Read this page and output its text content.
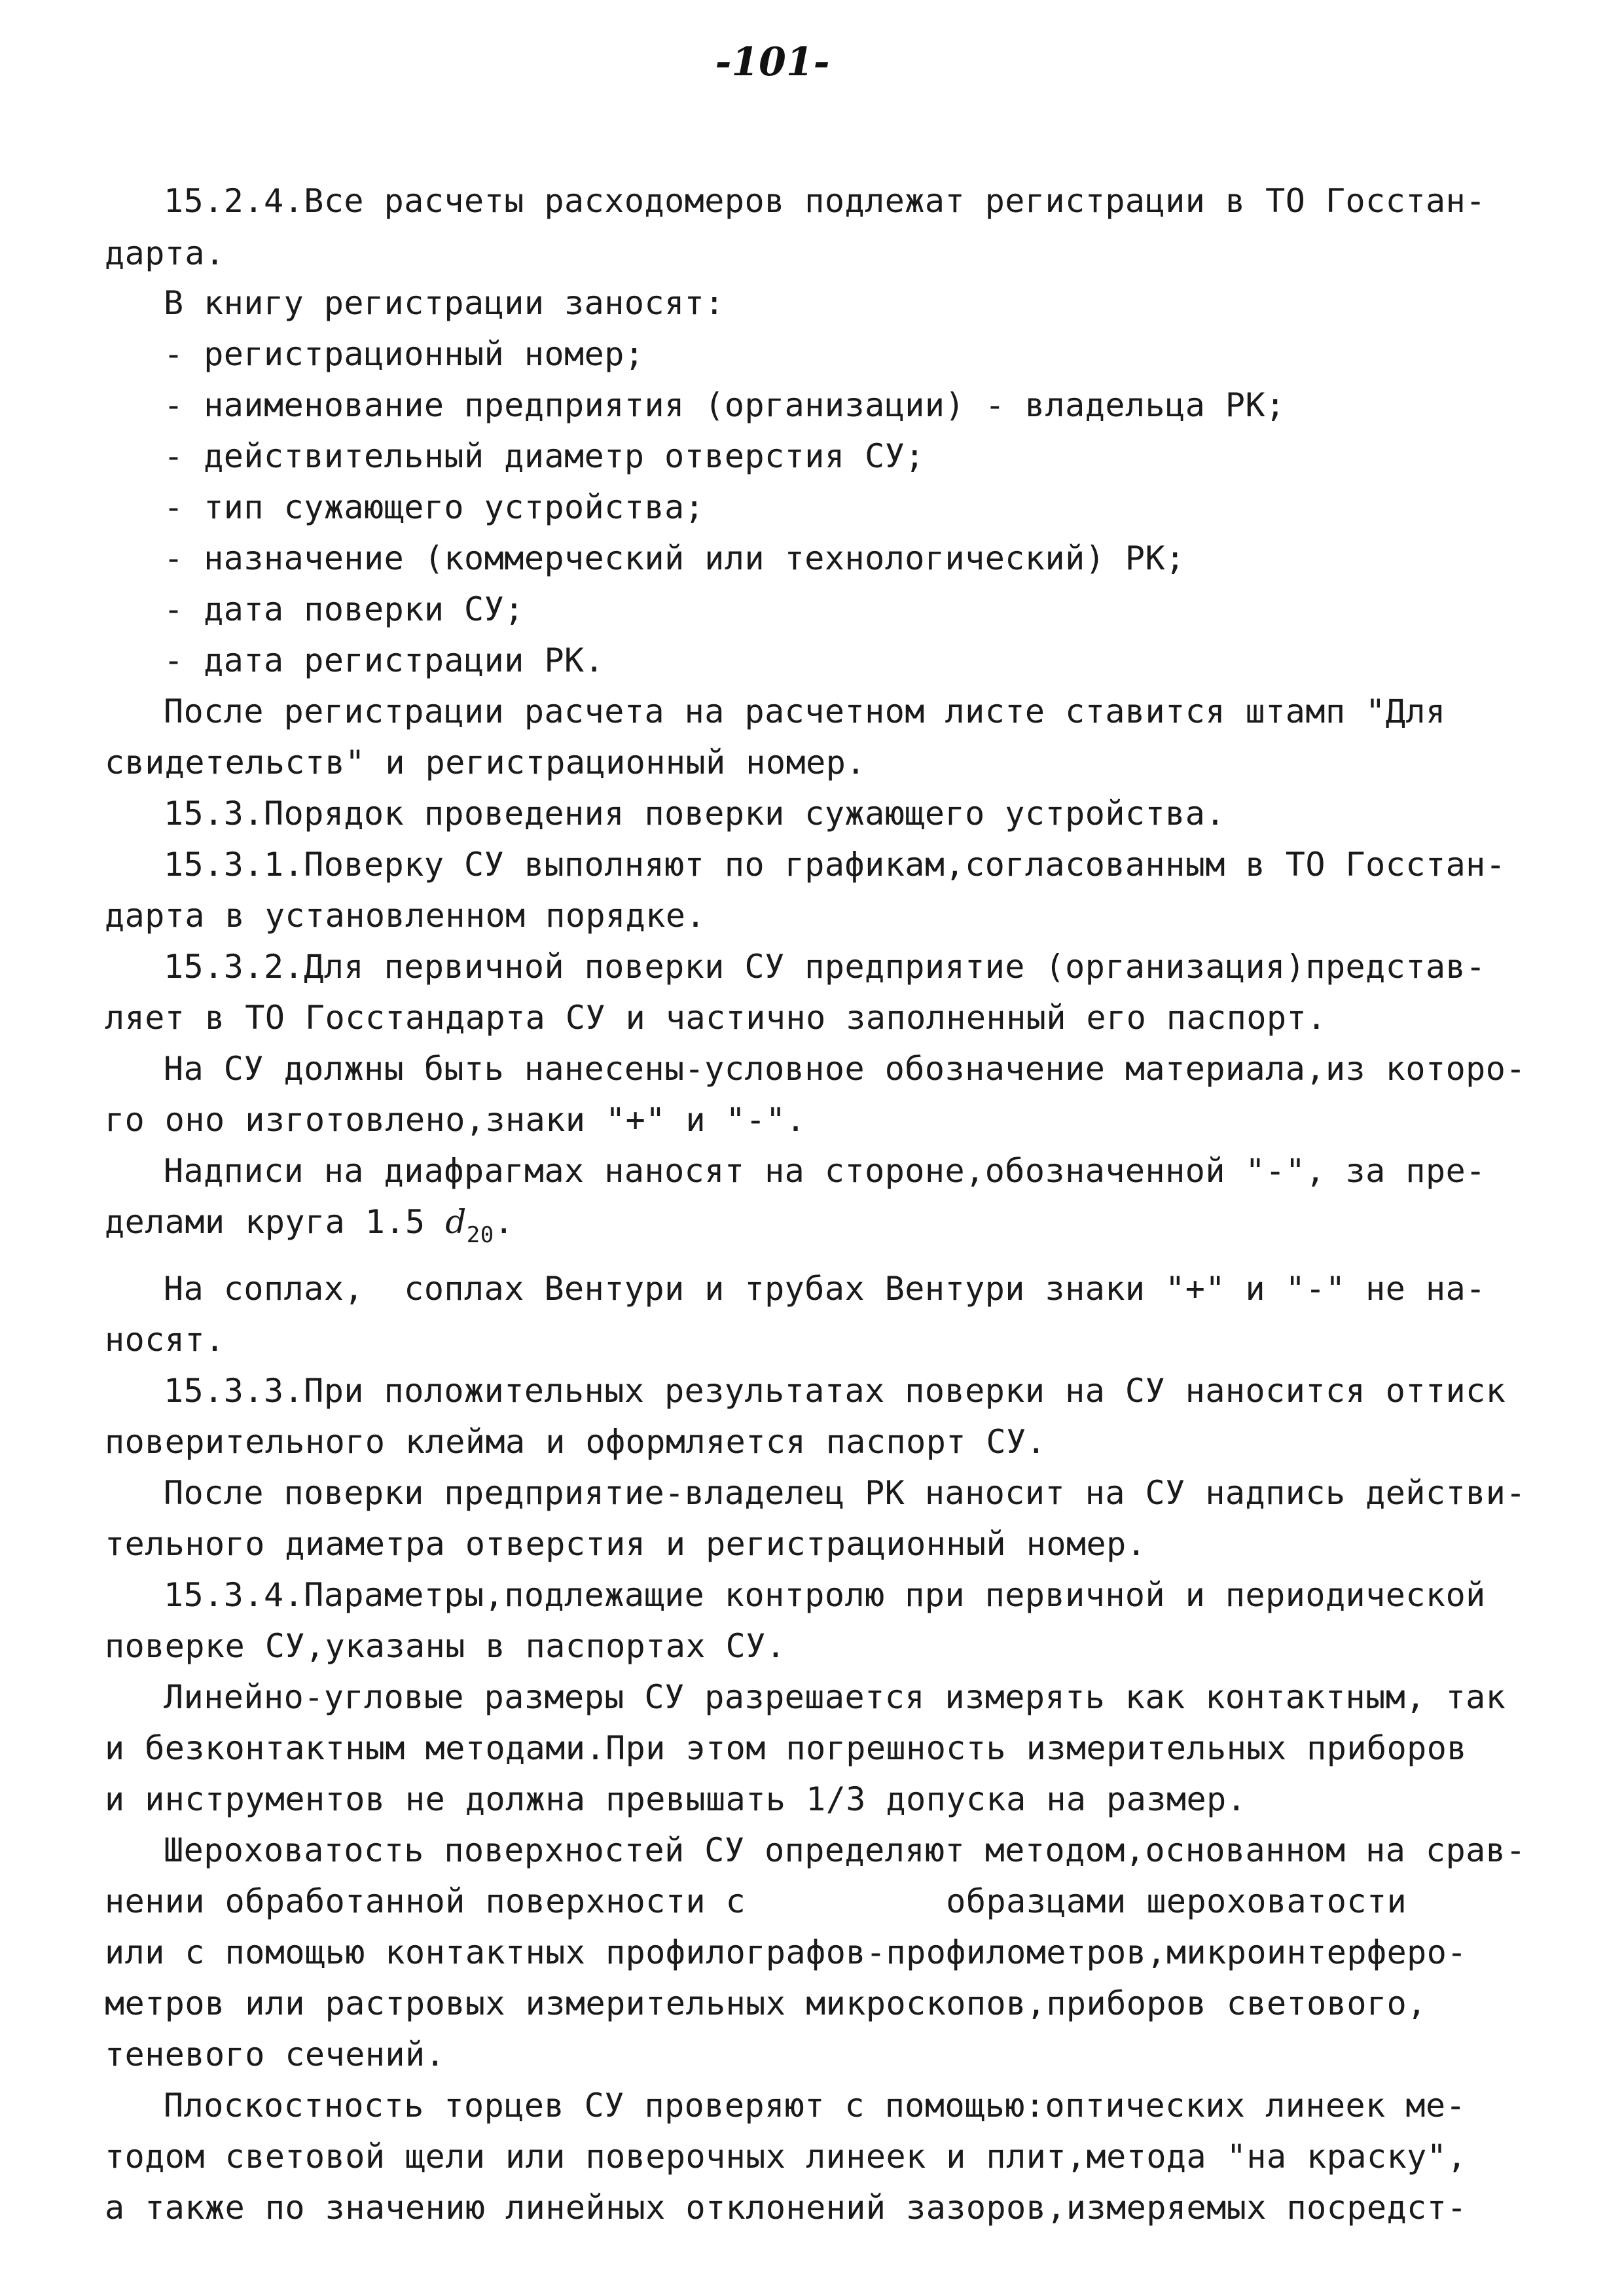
-101-
15.2.4.Все расчеты расходомеров подлежат регистрации в ТО Госстан-
дарта.
В книгу регистрации заносят:
- регистрационный номер;
- наименование предприятия (организации) - владельца РК;
- действительный диаметр отверстия СУ;
- тип сужающего устройства;
- назначение (коммерческий или технологический) РК;
- дата поверки СУ;
- дата регистрации РК.
После регистрации расчета на расчетном листе ставится штамп "Для
свидетельств" и регистрационный номер.
15.3.Порядок проведения поверки сужающего устройства.
15.3.1.Поверку СУ выполняют по графикам,согласованным в ТО Госстан-
дарта в установленном порядке.
15.3.2.Для первичной поверки СУ предприятие (организация)представ-
ляет в ТО Госстандарта СУ и частично заполненный его паспорт.
На СУ должны быть нанесены-условное обозначение материала,из которо-
го оно изготовлено,знаки "+" и "-".
Надписи на диафрагмах наносят на стороне,обозначенной "-", за пре-
делами круга 1.5 $d_{20}$.
На соплах,  соплах Вентури и трубах Вентури знаки "+" и "-" не на-
носят.
15.3.3.При положительных результатах поверки на СУ наносится оттиск
поверительного клейма и оформляется паспорт СУ.
После поверки предприятие-владелец РК наносит на СУ надпись действи-
тельного диаметра отверстия и регистрационный номер.
15.3.4.Параметры,подлежащие контролю при первичной и периодической
поверке СУ,указаны в паспортах СУ.
Линейно-угловые размеры СУ разрешается измерять как контактным, так
и безконтактным методами.При этом погрешность измерительных приборов
и инструментов не должна превышать 1/3 допуска на размер.
Шероховатость поверхностей СУ определяют методом,основанном на срав-
нении обработанной поверхности с          образцами шероховатости
или с помощью контактных профилографов-профилометров,микроинтерферо-
метров или растровых измерительных микроскопов,приборов светового,
теневого сечений.
Плоскостность торцев СУ проверяют с помощью:оптических линеек ме-
тодом световой щели или поверочных линеек и плит,метода "на краску",
а также по значению линейных отклонений зазоров,измеряемых посредст-
